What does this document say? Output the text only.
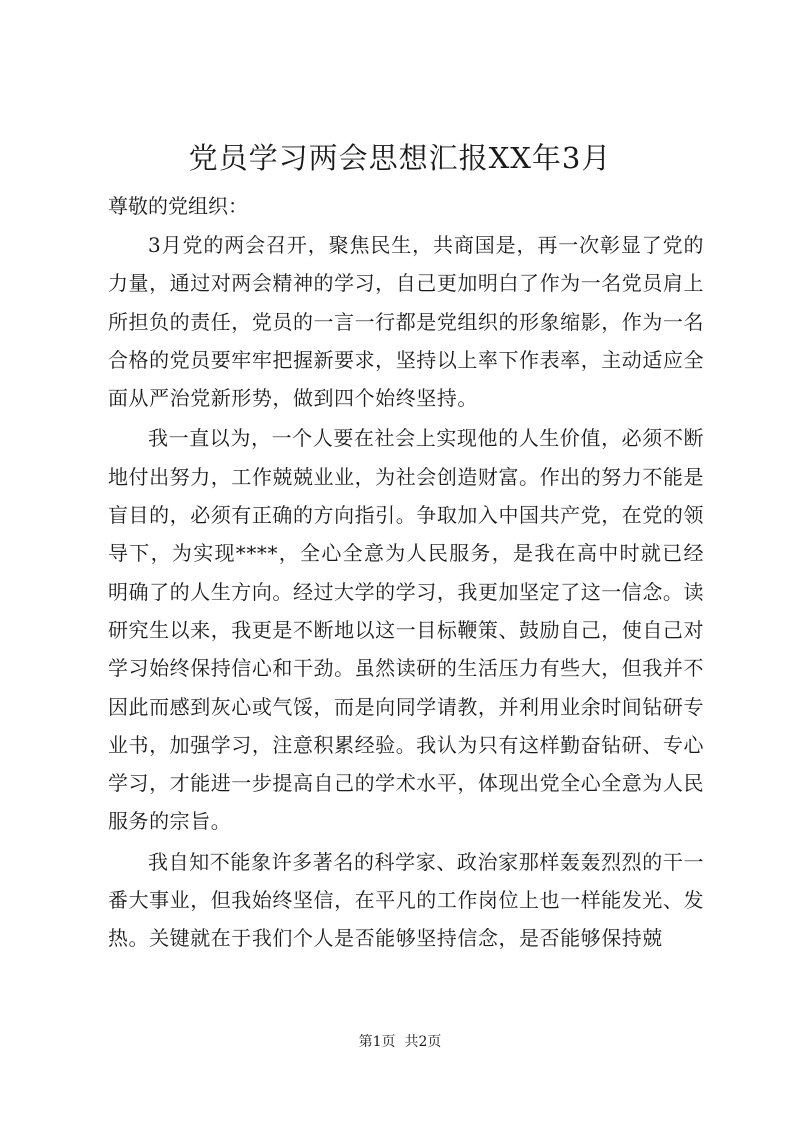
党员学习两会思想汇报XX年3月

尊敬的党组织：

3月党的两会召开，聚焦民生，共商国是，再一次彰显了党的力量，通过对两会精神的学习，自己更加明白了作为一名党员肩上所担负的责任，党员的一言一行都是党组织的形象缩影，作为一名合格的党员要牢牢把握新要求，坚持以上率下作表率，主动适应全面从严治党新形势，做到四个始终坚持。

我一直以为，一个人要在社会上实现他的人生价值，必须不断地付出努力，工作兢兢业业，为社会创造财富。作出的努力不能是盲目的，必须有正确的方向指引。争取加入中国共产党，在党的领导下，为实现****，全心全意为人民服务，是我在高中时就已经明确了的人生方向。经过大学的学习，我更加坚定了这一信念。读研究生以来，我更是不断地以这一目标鞭策、鼓励自己，使自己对学习始终保持信心和干劲。虽然读研的生活压力有些大，但我并不因此而感到灰心或气馁，而是向同学请教，并利用业余时间钻研专业书，加强学习，注意积累经验。我认为只有这样勤奋钻研、专心学习，才能进一步提高自己的学术水平，体现出党全心全意为人民服务的宗旨。

我自知不能象许多著名的科学家、政治家那样轰轰烈烈的干一番大事业，但我始终坚信，在平凡的工作岗位上也一样能发光、发热。关键就在于我们个人是否能够坚持信念，是否能够保持兢

第1页  共2页
